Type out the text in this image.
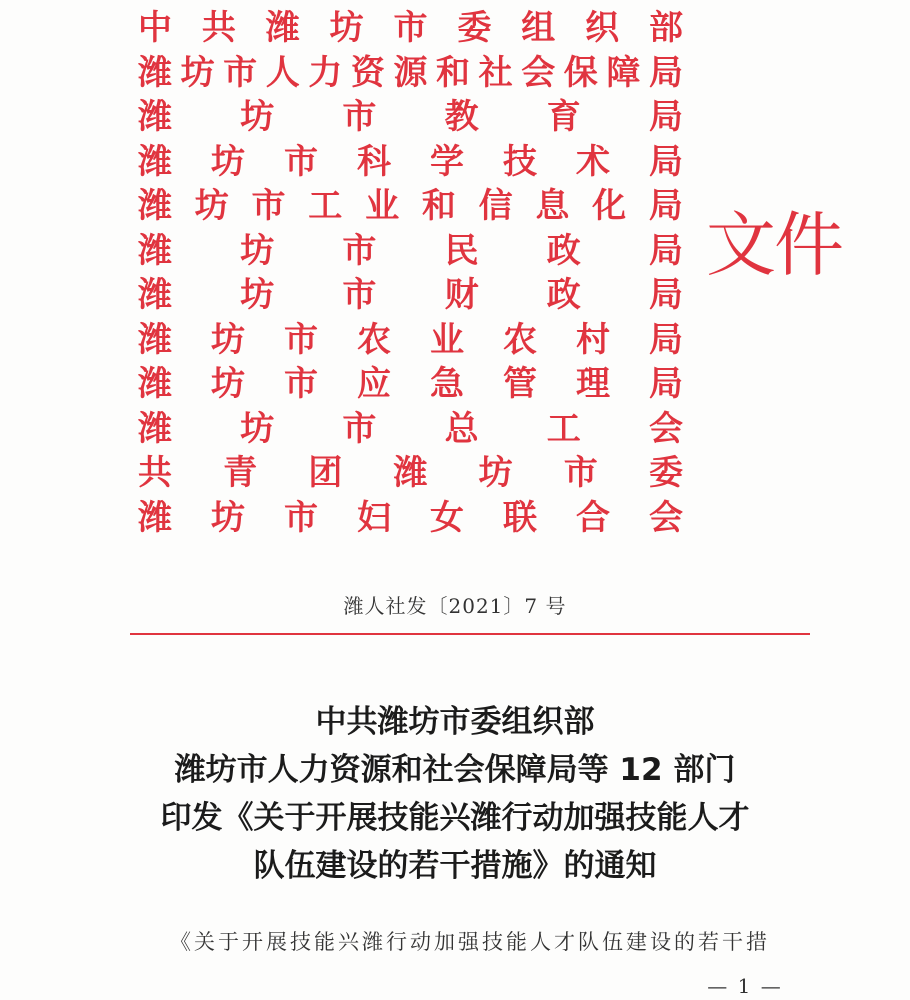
中 共 潍 坊 市 委 组 织 部
潍 坊 市 人 力 资 源 和 社 会 保 障 局
潍 坊 市 教 育 局
潍 坊 市 科 学 技 术 局
潍 坊 市 工 业 和 信 息 化 局
潍 坊 市 民 政 局
潍 坊 市 财 政 局
潍 坊 市 农 业 农 村 局
潍 坊 市 应 急 管 理 局
潍 坊 市 总 工 会
共 青 团 潍 坊 市 委
潍 坊 市 妇 女 联 合 会
文件
潍人社发〔2021〕7 号
中共潍坊市委组织部
潍坊市人力资源和社会保障局等 12 部门
印发《关于开展技能兴潍行动加强技能人才
队伍建设的若干措施》的通知
《关于开展技能兴潍行动加强技能人才队伍建设的若干措
— 1 —
